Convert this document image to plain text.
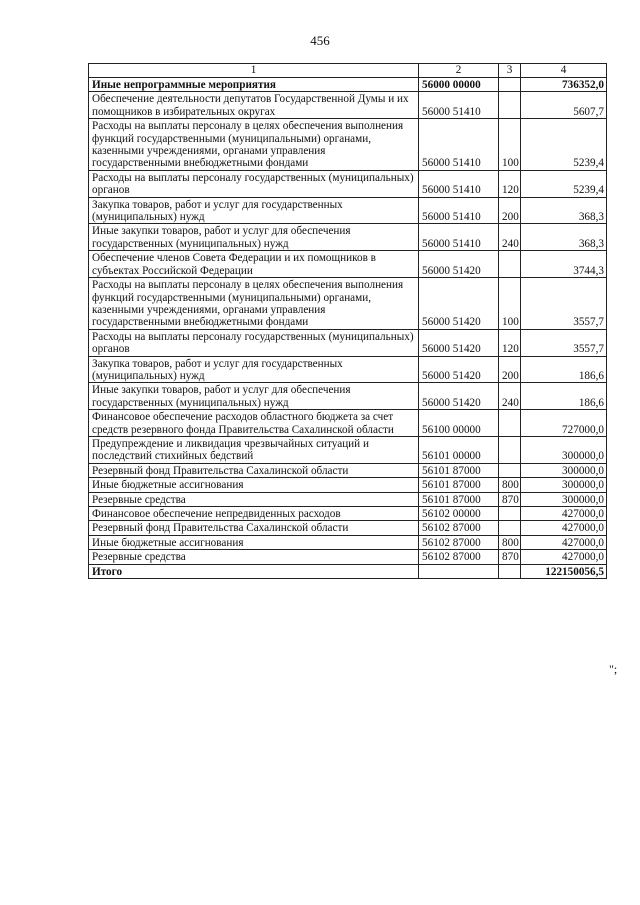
456
1	2	3	4
Иные непрограммные мероприятия	56000 00000		736352,0
Обеспечение деятельности депутатов Государственной Думы и их помощников в избирательных округах	56000 51410		5607,7
Расходы на выплаты персоналу в целях обеспечения выполнения функций государственными (муниципальными) органами, казенными учреждениями, органами управления государственными внебюджетными фондами	56000 51410	100	5239,4
Расходы на выплаты персоналу государственных (муниципальных) органов	56000 51410	120	5239,4
Закупка товаров, работ и услуг для государственных (муниципальных) нужд	56000 51410	200	368,3
Иные закупки товаров, работ и услуг для обеспечения государственных (муниципальных) нужд	56000 51410	240	368,3
Обеспечение членов Совета Федерации и их помощников в субъектах Российской Федерации	56000 51420		3744,3
Расходы на выплаты персоналу в целях обеспечения выполнения функций государственными (муниципальными) органами, казенными учреждениями, органами управления государственными внебюджетными фондами	56000 51420	100	3557,7
Расходы на выплаты персоналу государственных (муниципальных) органов	56000 51420	120	3557,7
Закупка товаров, работ и услуг для государственных (муниципальных) нужд	56000 51420	200	186,6
Иные закупки товаров, работ и услуг для обеспечения государственных (муниципальных) нужд	56000 51420	240	186,6
Финансовое обеспечение расходов областного бюджета за счет средств резервного фонда Правительства Сахалинской области	56100 00000		727000,0
Предупреждение и ликвидация чрезвычайных ситуаций и последствий стихийных бедствий	56101 00000		300000,0
Резервный фонд Правительства Сахалинской области	56101 87000		300000,0
Иные бюджетные ассигнования	56101 87000	800	300000,0
Резервные средства	56101 87000	870	300000,0
Финансовое обеспечение непредвиденных расходов	56102 00000		427000,0
Резервный фонд Правительства Сахалинской области	56102 87000		427000,0
Иные бюджетные ассигнования	56102 87000	800	427000,0
Резервные средства	56102 87000	870	427000,0
Итого			122150056,5
";
